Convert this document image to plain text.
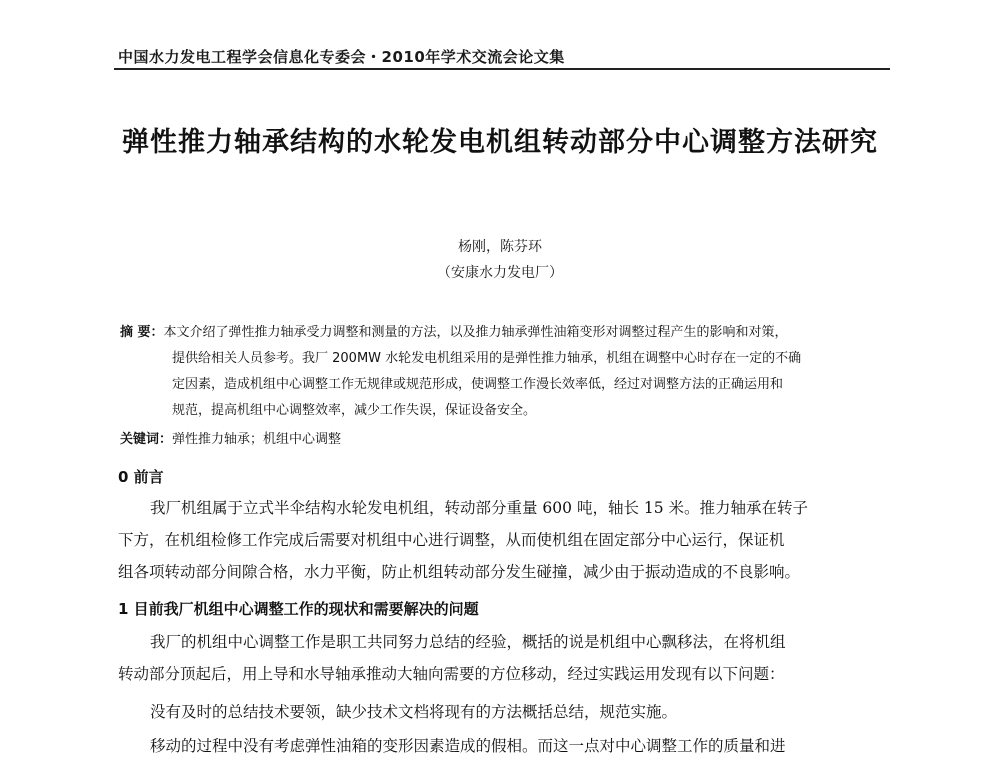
中国水力发电工程学会信息化专委会・2010年学术交流会论文集
弹性推力轴承结构的水轮发电机组转动部分中心调整方法研究
杨刚，陈芬环
（安康水力发电厂）
摘 要：本文介绍了弹性推力轴承受力调整和测量的方法，以及推力轴承弹性油箱变形对调整过程产生的影响和对策，
提供给相关人员参考。我厂 200MW 水轮发电机组采用的是弹性推力轴承，机组在调整中心时存在一定的不确
定因素，造成机组中心调整工作无规律或规范形成，使调整工作漫长效率低，经过对调整方法的正确运用和
规范，提高机组中心调整效率，减少工作失误，保证设备安全。
关键词：弹性推力轴承；机组中心调整
0 前言
我厂机组属于立式半伞结构水轮发电机组，转动部分重量 600 吨，轴长 15 米。推力轴承在转子
下方，在机组检修工作完成后需要对机组中心进行调整，从而使机组在固定部分中心运行，保证机
组各项转动部分间隙合格，水力平衡，防止机组转动部分发生碰撞，减少由于振动造成的不良影响。
1 目前我厂机组中心调整工作的现状和需要解决的问题
我厂的机组中心调整工作是职工共同努力总结的经验，概括的说是机组中心飘移法，在将机组
转动部分顶起后，用上导和水导轴承推动大轴向需要的方位移动，经过实践运用发现有以下问题：
没有及时的总结技术要领，缺少技术文档将现有的方法概括总结，规范实施。
移动的过程中没有考虑弹性油箱的变形因素造成的假相。而这一点对中心调整工作的质量和进
